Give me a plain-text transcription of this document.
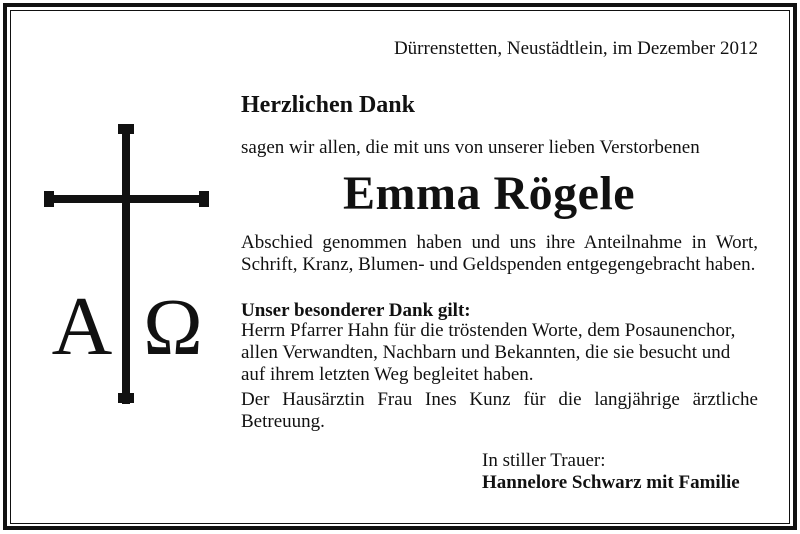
A Ω
Dürrenstetten, Neustädtlein, im Dezember 2012
Herzlichen Dank
sagen wir allen, die mit uns von unserer lieben Verstorbenen
Emma Rögele
Abschied genommen haben und uns ihre Anteilnahme in Wort, Schrift, Kranz, Blumen- und Geldspenden entgegengebracht haben.
Unser besonderer Dank gilt:
Herrn Pfarrer Hahn für die tröstenden Worte, dem Posaunenchor, allen Verwandten, Nachbarn und Bekannten, die sie besucht und auf ihrem letzten Weg begleitet haben.
Der Hausärztin Frau Ines Kunz für die langjährige ärztliche Betreuung.
In stiller Trauer:
Hannelore Schwarz mit Familie
